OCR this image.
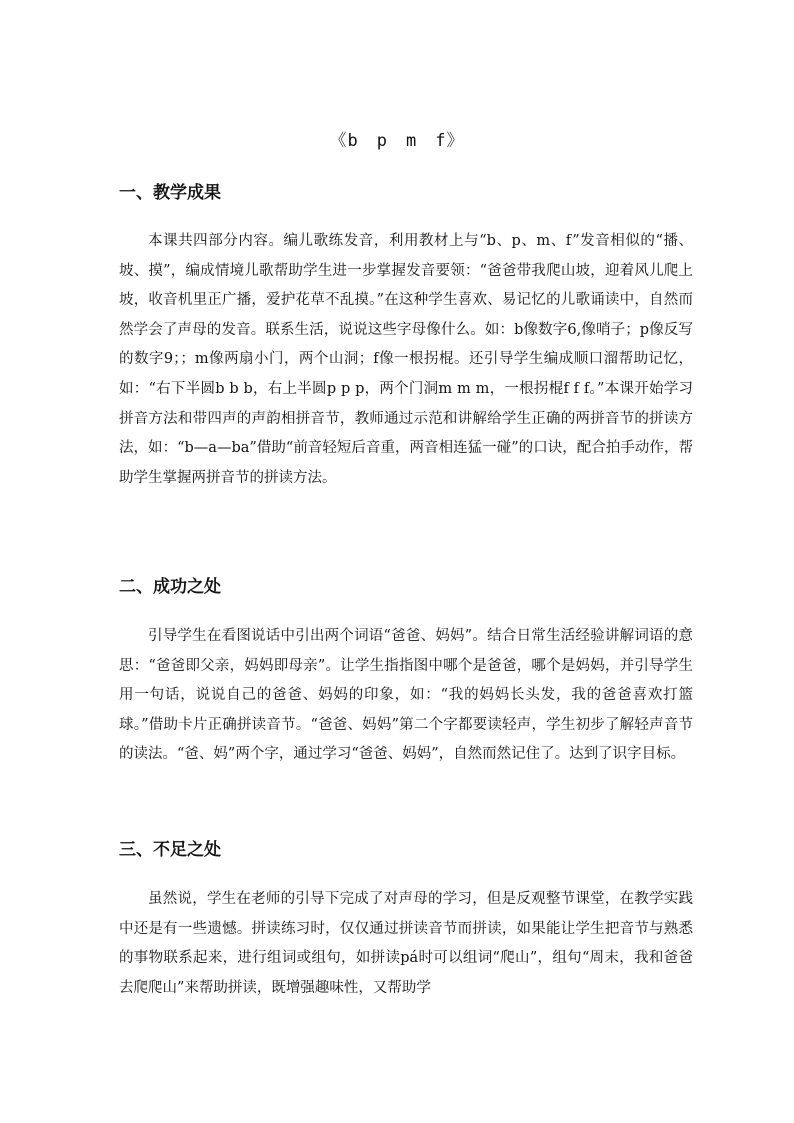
《b　p　m　f》
一、教学成果

本课共四部分内容。编儿歌练发音，利用教材上与“b、p、m、f”发音相似的“播、坡、摸”，编成情境儿歌帮助学生进一步掌握发音要领：“爸爸带我爬山坡，迎着风儿爬上坡，收音机里正广播，爱护花草不乱摸。”在这种学生喜欢、易记忆的儿歌诵读中，自然而然学会了声母的发音。联系生活，说说这些字母像什么。如：b像数字6,像哨子；p像反写的数字9；；m像两扇小门，两个山洞；f像一根拐棍。还引导学生编成顺口溜帮助记忆，如：“右下半圆b b b，右上半圆p p p，两个门洞m m m，一根拐棍f f f。”本课开始学习拼音方法和带四声的声韵相拼音节，教师通过示范和讲解给学生正确的两拼音节的拼读方法，如：“b—a—ba”借助“前音轻短后音重，两音相连猛一碰”的口诀，配合拍手动作，帮助学生掌握两拼音节的拼读方法。

二、成功之处

引导学生在看图说话中引出两个词语“爸爸、妈妈”。结合日常生活经验讲解词语的意思：“爸爸即父亲，妈妈即母亲”。让学生指指图中哪个是爸爸，哪个是妈妈，并引导学生用一句话，说说自己的爸爸、妈妈的印象，如：“我的妈妈长头发，我的爸爸喜欢打篮球。”借助卡片正确拼读音节。“爸爸、妈妈”第二个字都要读轻声，学生初步了解轻声音节的读法。“爸、妈”两个字，通过学习“爸爸、妈妈”，自然而然记住了。达到了识字目标。

三、不足之处

虽然说，学生在老师的引导下完成了对声母的学习，但是反观整节课堂，在教学实践中还是有一些遗憾。拼读练习时，仅仅通过拼读音节而拼读，如果能让学生把音节与熟悉的事物联系起来，进行组词或组句，如拼读pá时可以组词“爬山”，组句“周末，我和爸爸去爬爬山”来帮助拼读，既增强趣味性，又帮助学
